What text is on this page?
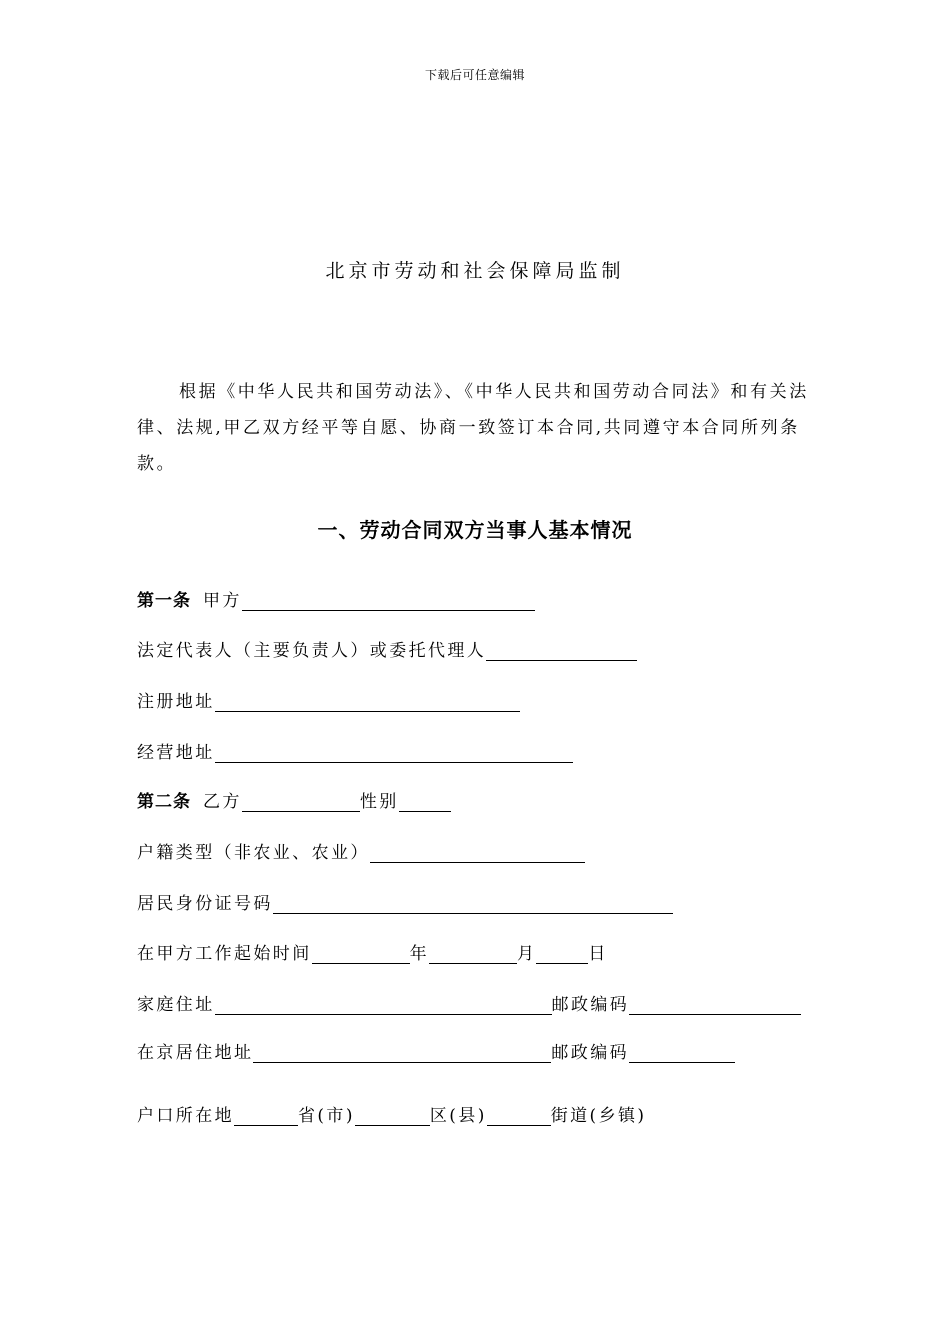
下载后可任意编辑
北京市劳动和社会保障局监制

根据《中华人民共和国劳动法》、《中华人民共和国劳动合同法》和有关法律、法规,甲乙双方经平等自愿、协商一致签订本合同,共同遵守本合同所列条款。

一、劳动合同双方当事人基本情况
第一条 甲方
法定代表人（主要负责人）或委托代理人
注册地址
经营地址
第二条 乙方	性别
户籍类型（非农业、农业）
居民身份证号码
在甲方工作起始时间	年	月	日
家庭住址	邮政编码
在京居住地址	邮政编码
户口所在地	省(市)	区(县)	街道(乡镇)
